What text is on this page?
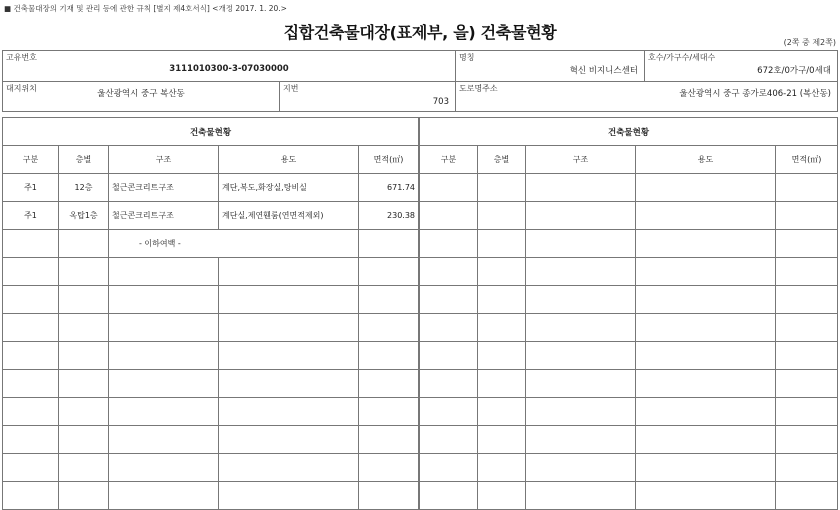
■ 건축물대장의 기재 및 관리 등에 관한 규칙 [별지 제4호서식] <개정 2017. 1. 20.>
집합건축물대장(표제부, 을) 건축물현황
(2쪽 중 제2쪽)
고유번호
3111010300-3-07030000

명칭
혁신 비지니스센터

호수/가구수/세대수
672호/0가구/0세대
대지위치
울산광역시 중구 복산동

지번
703

도로명주소
울산광역시 중구 종가로406-21 (복산동)
건축물현황					건축물현황				
구분	층별	구조	용도	면적(㎡)		구분	층별	구조	용도	면적(㎡)
주1	12층	철근콘크리트구조	계단,복도,화장실,탕비실	671.74						
주1	옥탑1층	철근콘크리트구조	계단실,제연휀룸(연면적제외)	230.38						
		- 이하여백 -							
